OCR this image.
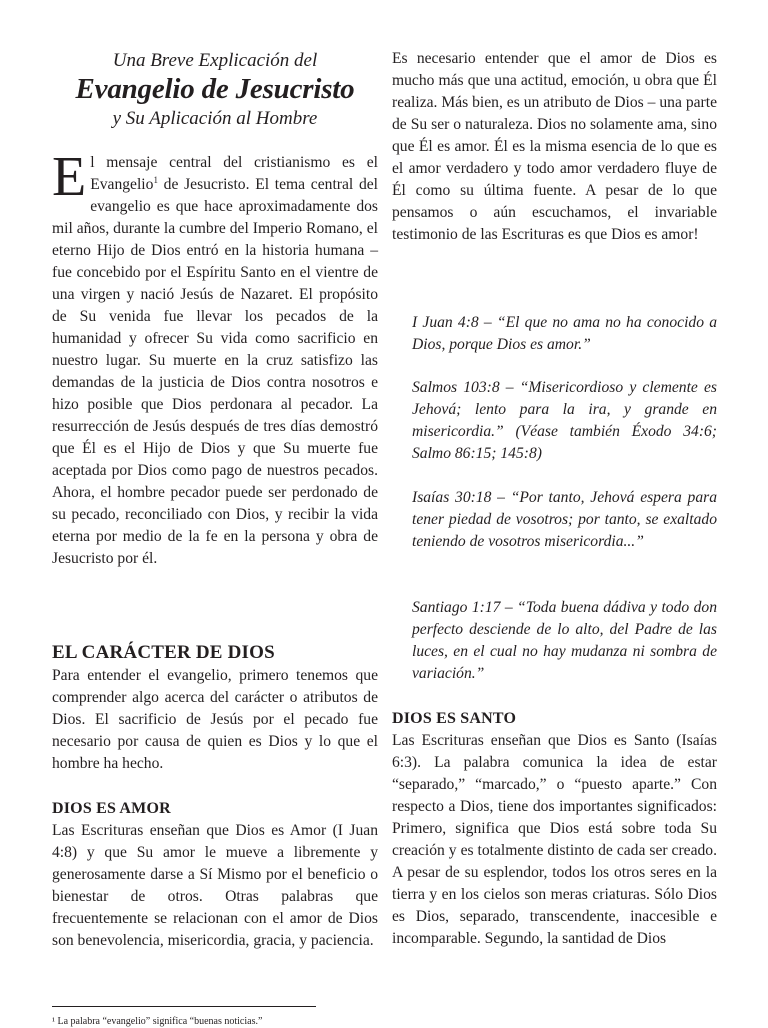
Una Breve Explicación del
Evangelio de Jesucristo
y Su Aplicación al Hombre

El mensaje central del cristianismo es el Evangelio$^1$ de Jesucristo. El tema central del evangelio es que hace aproximadamente dos mil años, durante la cumbre del Imperio Romano, el eterno Hijo de Dios entró en la historia humana – fue concebido por el Espíritu Santo en el vientre de una virgen y nació Jesús de Nazaret. El propósito de Su venida fue llevar los pecados de la humanidad y ofrecer Su vida como sacrificio en nuestro lugar. Su muerte en la cruz satisfizo las demandas de la justicia de Dios contra nosotros e hizo posible que Dios perdonara al pecador. La resurrección de Jesús después de tres días demostró que Él es el Hijo de Dios y que Su muerte fue aceptada por Dios como pago de nuestros pecados. Ahora, el hombre pecador puede ser perdonado de su pecado, reconciliado con Dios, y recibir la vida eterna por medio de la fe en la persona y obra de Jesucristo por él.

EL CARÁCTER DE DIOS

Para entender el evangelio, primero tenemos que comprender algo acerca del carácter o atributos de Dios. El sacrificio de Jesús por el pecado fue necesario por causa de quien es Dios y lo que el hombre ha hecho.

DIOS ES AMOR

Las Escrituras enseñan que Dios es Amor (I Juan 4:8) y que Su amor le mueve a libremente y generosamente darse a Sí Mismo por el beneficio o bienestar de otros. Otras palabras que frecuentemente se relacionan con el amor de Dios son benevolencia, misericordia, gracia, y paciencia.

Es necesario entender que el amor de Dios es mucho más que una actitud, emoción, u obra que Él realiza. Más bien, es un atributo de Dios – una parte de Su ser o naturaleza. Dios no solamente ama, sino que Él es amor. Él es la misma esencia de lo que es el amor verdadero y todo amor verdadero fluye de Él como su última fuente. A pesar de lo que pensamos o aún escuchamos, el invariable testimonio de las Escrituras es que Dios es amor!

I Juan 4:8 – “El que no ama no ha conocido a Dios, porque Dios es amor.”

Salmos 103:8 – “Misericordioso y clemente es Jehová; lento para la ira, y grande en misericordia.” (Véase también Éxodo 34:6; Salmo 86:15; 145:8)

Isaías 30:18 – “Por tanto, Jehová espera para tener piedad de vosotros; por tanto, se exaltado teniendo de vosotros misericordia...”

Santiago 1:17 – “Toda buena dádiva y todo don perfecto desciende de lo alto, del Padre de las luces, en el cual no hay mudanza ni sombra de variación.”

DIOS ES SANTO

Las Escrituras enseñan que Dios es Santo (Isaías 6:3). La palabra comunica la idea de estar “separado,” “marcado,” o “puesto aparte.” Con respecto a Dios, tiene dos importantes significados: Primero, significa que Dios está sobre toda Su creación y es totalmente distinto de cada ser creado. A pesar de su esplendor, todos los otros seres en la tierra y en los cielos son meras criaturas. Sólo Dios es Dios, separado, transcendente, inaccesible e incomparable. Segundo, la santidad de Dios

¹ La palabra “evangelio” significa “buenas noticias.”
